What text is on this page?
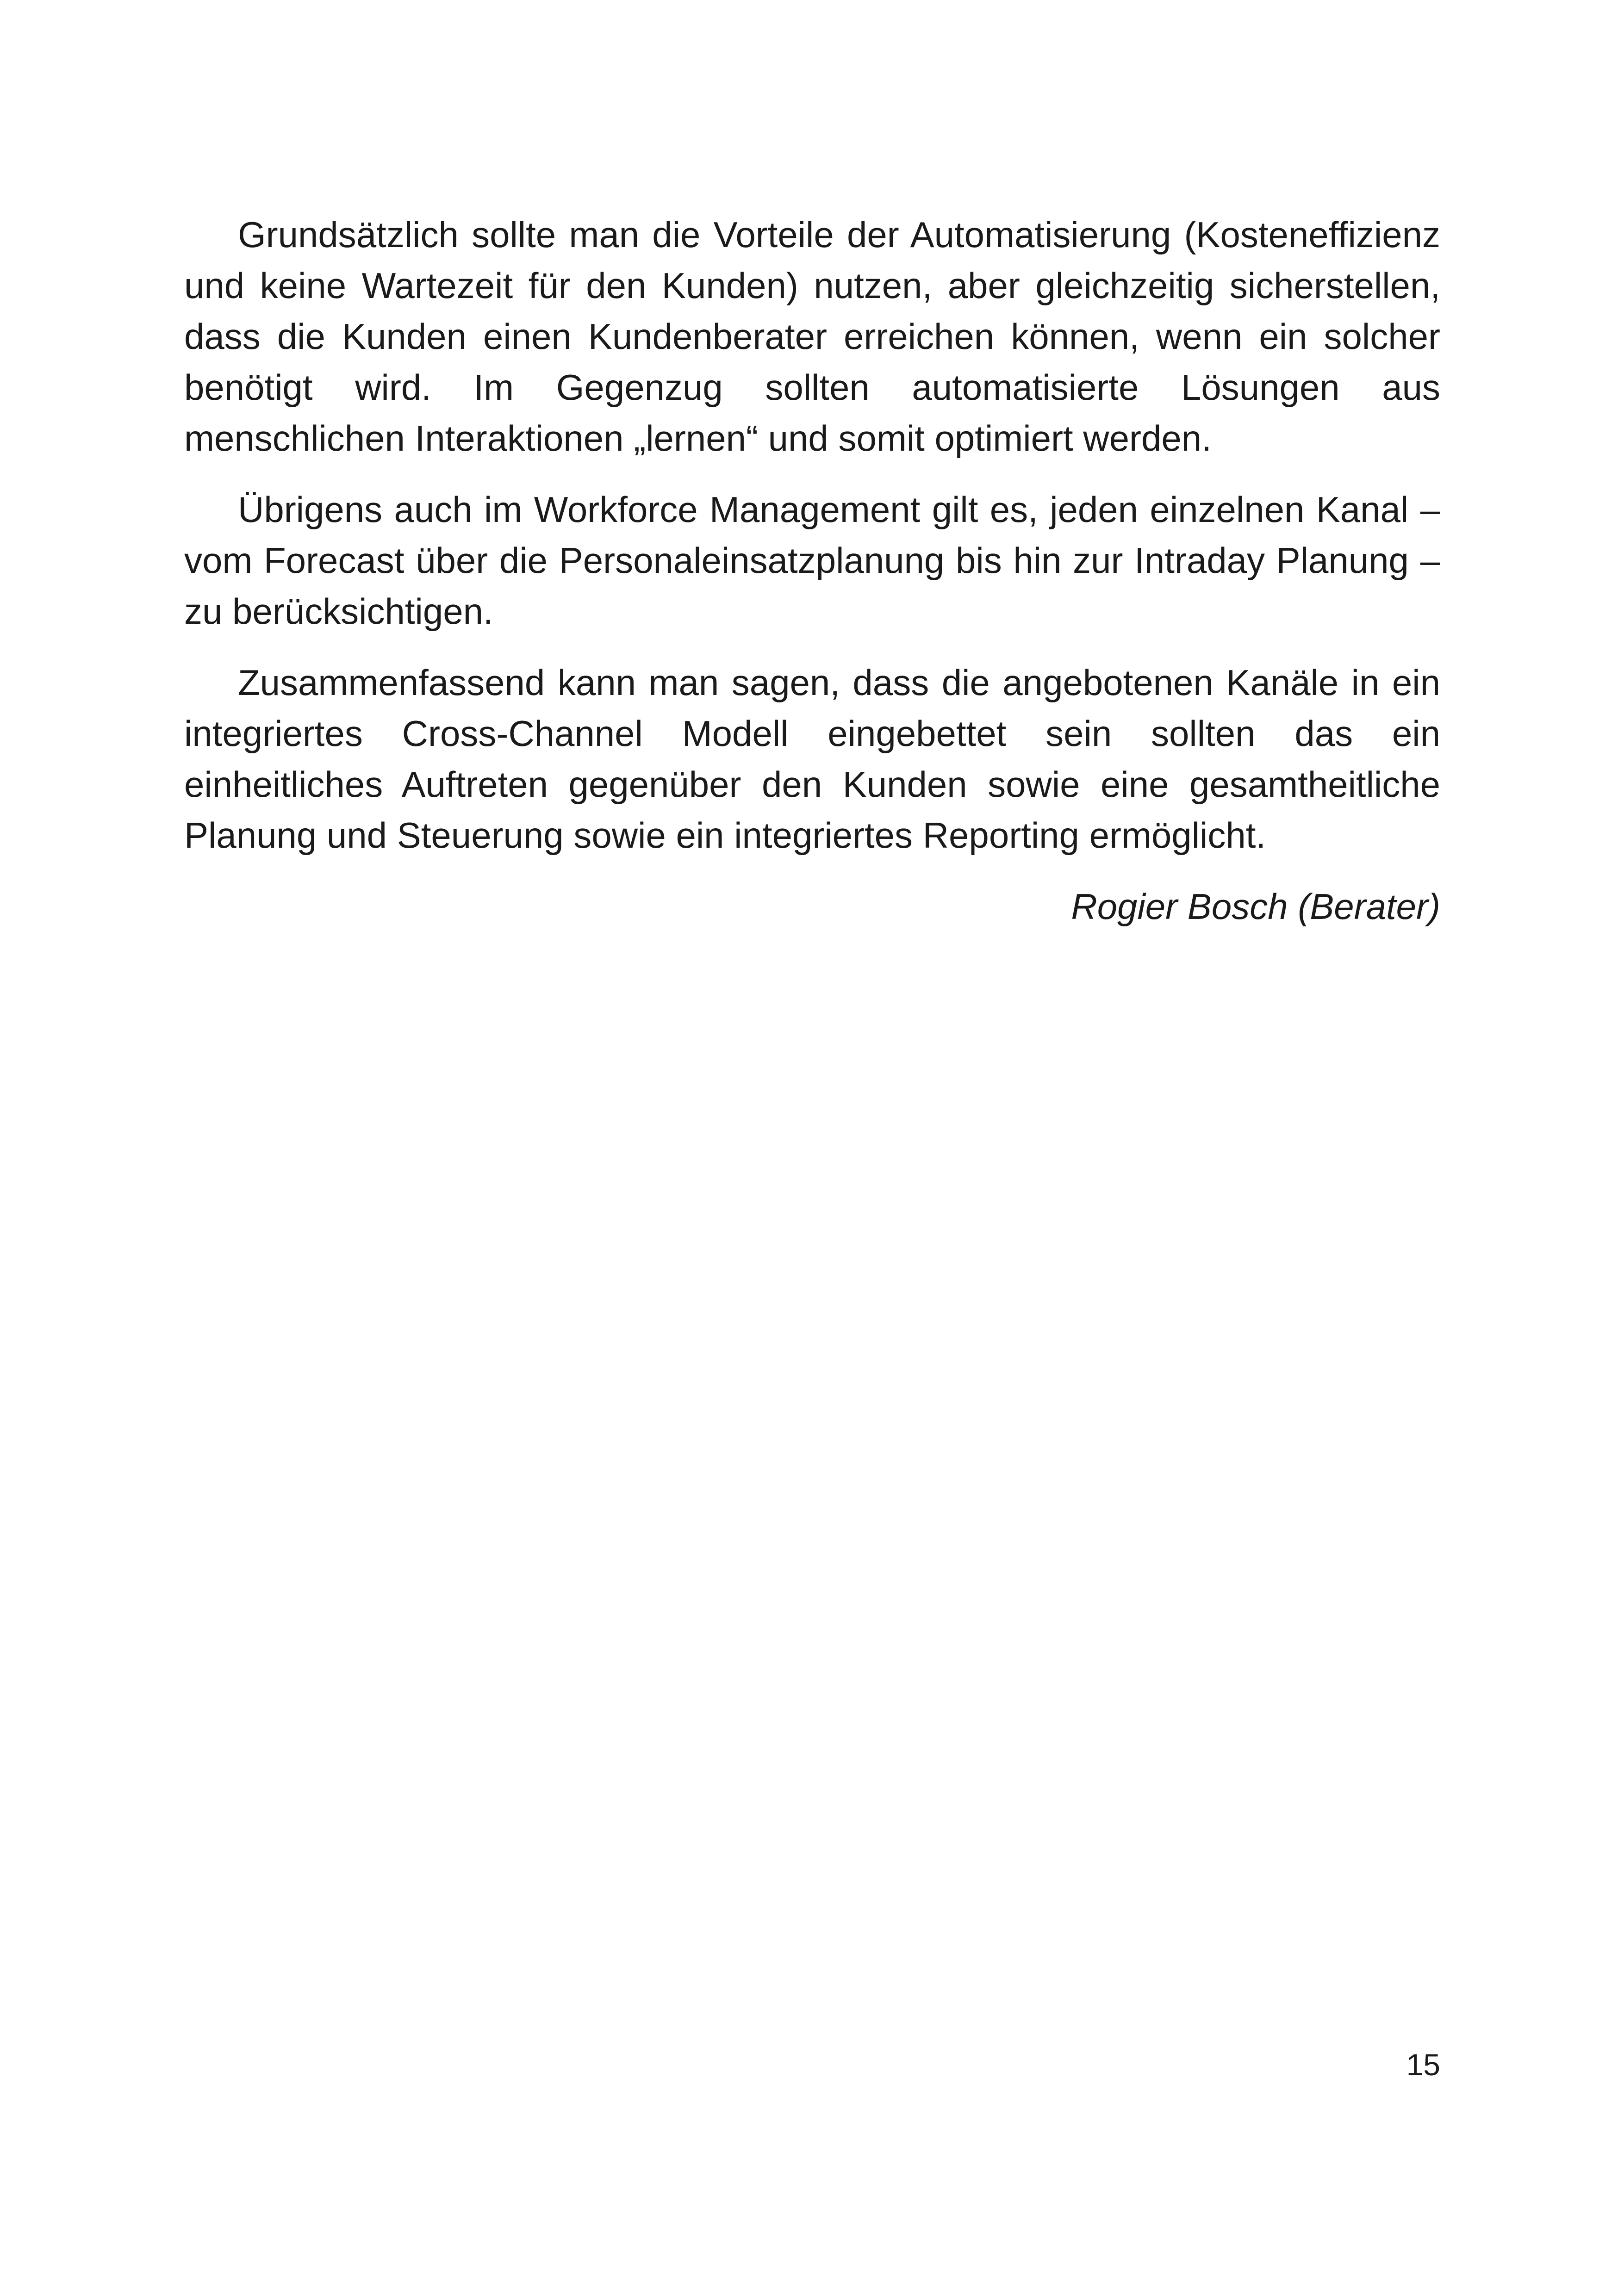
Grundsätzlich sollte man die Vorteile der Automatisierung (Kosteneffizienz und keine Wartezeit für den Kunden) nutzen, aber gleichzeitig sicherstellen, dass die Kunden einen Kundenberater erreichen können, wenn ein solcher benötigt wird. Im Gegenzug sollten automatisierte Lösungen aus menschlichen Interaktionen „lernen“ und somit optimiert werden.

Übrigens auch im Workforce Management gilt es, jeden einzelnen Kanal – vom Forecast über die Personaleinsatzplanung bis hin zur Intraday Planung – zu berücksichtigen.

Zusammenfassend kann man sagen, dass die angebotenen Kanäle in ein integriertes Cross-Channel Modell eingebettet sein sollten das ein einheitliches Auftreten gegenüber den Kunden sowie eine gesamtheitliche Planung und Steuerung sowie ein integriertes Reporting ermöglicht.

Rogier Bosch (Berater)

15
